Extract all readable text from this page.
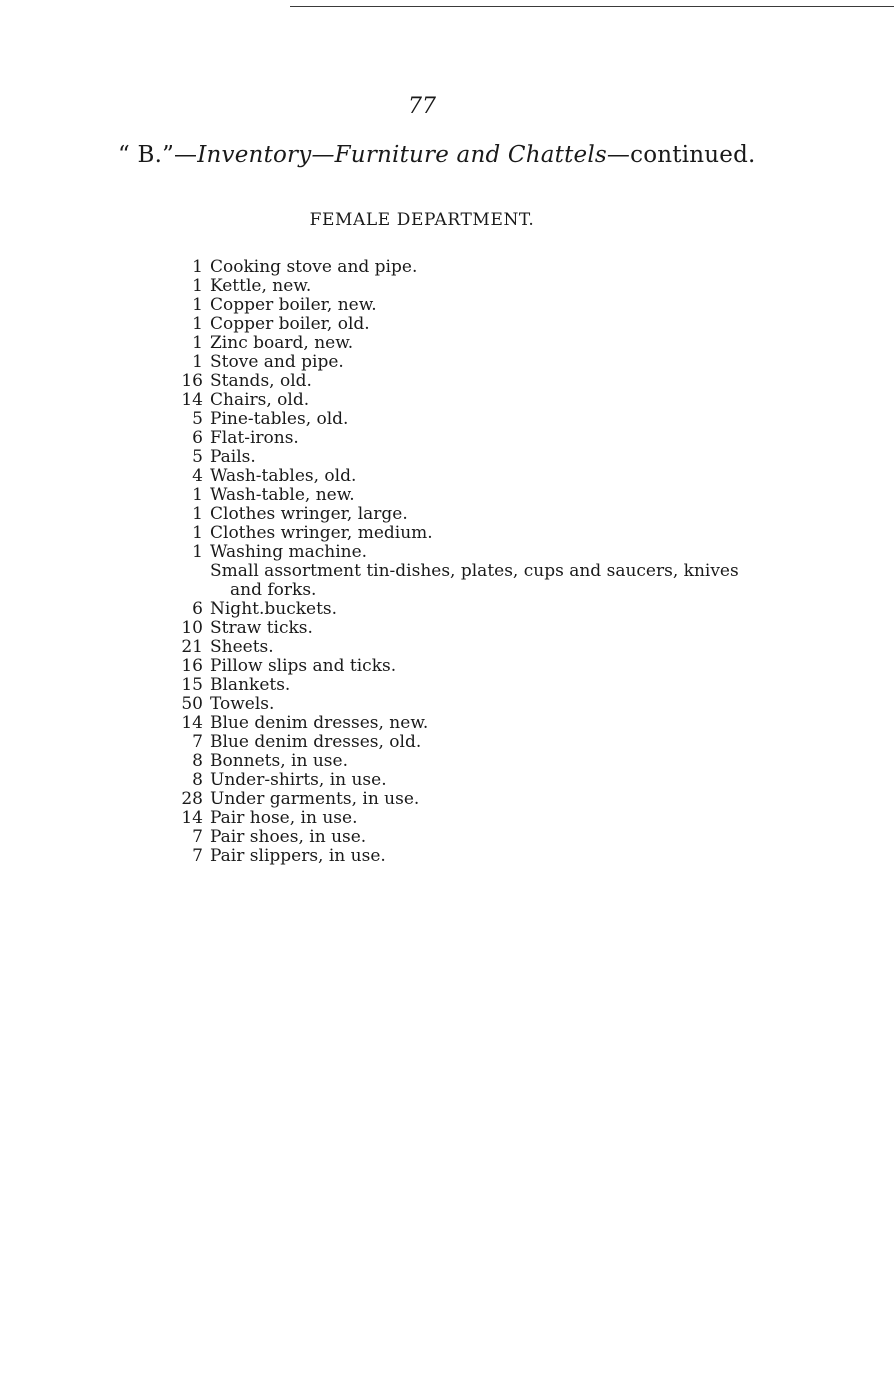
77
“ B.”—Inventory—Furniture and Chattels—continued.
FEMALE DEPARTMENT.
1 Cooking stove and pipe.
1 Kettle, new.
1 Copper boiler, new.
1 Copper boiler, old.
1 Zinc board, new.
1 Stove and pipe.
16 Stands, old.
14 Chairs, old.
5 Pine-tables, old.
6 Flat-irons.
5 Pails.
4 Wash-tables, old.
1 Wash-table, new.
1 Clothes wringer, large.
1 Clothes wringer, medium.
1 Washing machine.
Small assortment tin-dishes, plates, cups and saucers, knives
and forks.
6 Night.buckets.
10 Straw ticks.
21 Sheets.
16 Pillow slips and ticks.
15 Blankets.
50 Towels.
14 Blue denim dresses, new.
7 Blue denim dresses, old.
8 Bonnets, in use.
8 Under-shirts, in use.
28 Under garments, in use.
14 Pair hose, in use.
7 Pair shoes, in use.
7 Pair slippers, in use.
